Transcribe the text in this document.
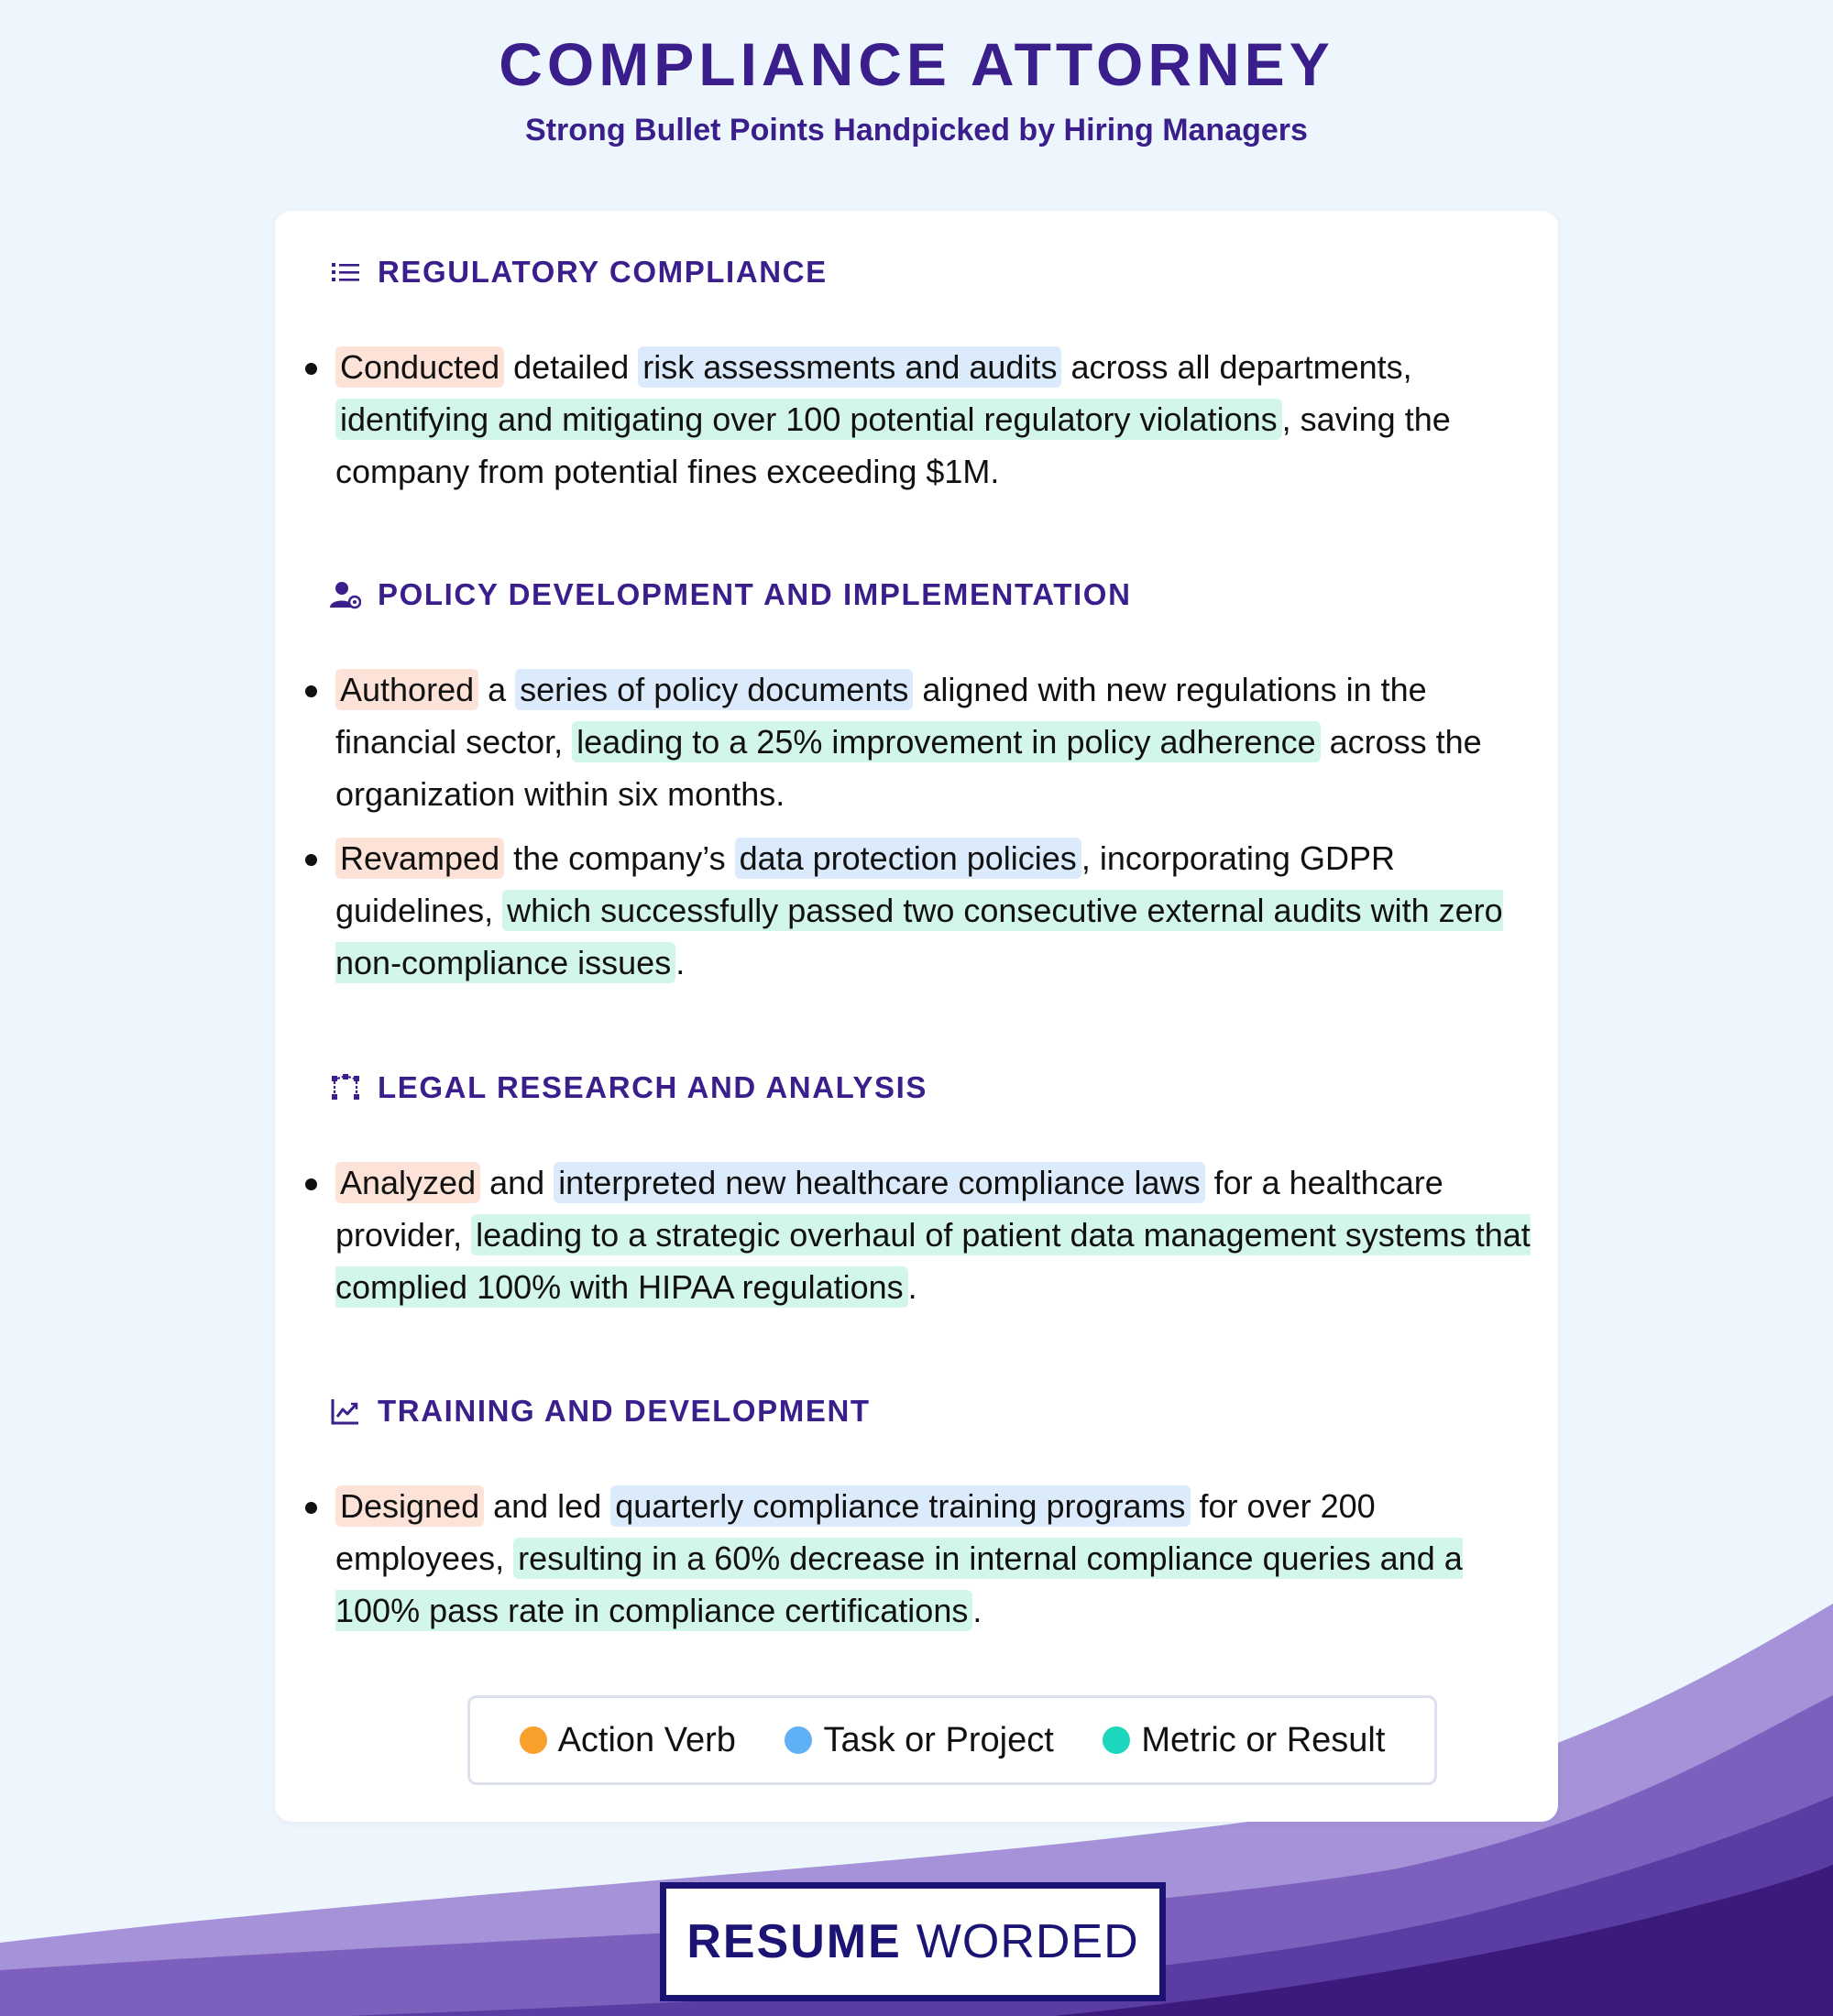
COMPLIANCE ATTORNEY
Strong Bullet Points Handpicked by Hiring Managers
REGULATORY COMPLIANCE
Conducted detailed risk assessments and audits across all departments, identifying and mitigating over 100 potential regulatory violations , saving the company from potential fines exceeding $1M.
POLICY DEVELOPMENT AND IMPLEMENTATION
Authored a series of policy documents aligned with new regulations in the financial sector, leading to a 25% improvement in policy adherence across the organization within six months.
Revamped the company’s data protection policies , incorporating GDPR guidelines, which successfully passed two consecutive external audits with zero non-compliance issues .
LEGAL RESEARCH AND ANALYSIS
Analyzed and interpreted new healthcare compliance laws for a healthcare provider, leading to a strategic overhaul of patient data management systems that complied 100% with HIPAA regulations .
TRAINING AND DEVELOPMENT
Designed and led quarterly compliance training programs for over 200 employees, resulting in a 60% decrease in internal compliance queries and a 100% pass rate in compliance certifications .
Action Verb	Task or Project	Metric or Result
RESUME WORDED
